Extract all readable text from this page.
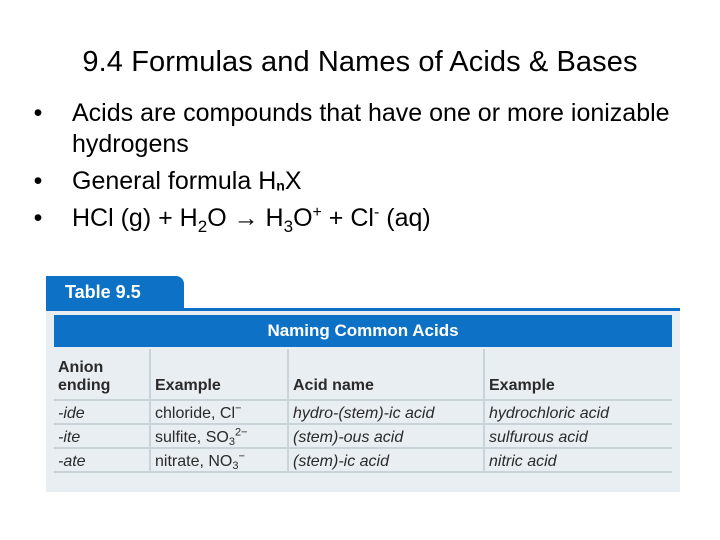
9.4 Formulas and Names of Acids & Bases
• Acids are compounds that have one or more ionizable hydrogens
• General formula HnX
• HCl $(g) + H_2O \to H_3O^+ + Cl^-$ (aq)
Table 9.5
Naming Common Acids
Anion ending	Example	Acid name	Example
-ide	chloride, Cl−	hydro-(stem)-ic acid	hydrochloric acid
-ite	sulfite, $SO3^{2-}$	(stem)-ous acid	sulfurous acid
-ate	nitrate, NO3−	(stem)-ic acid	nitric acid
